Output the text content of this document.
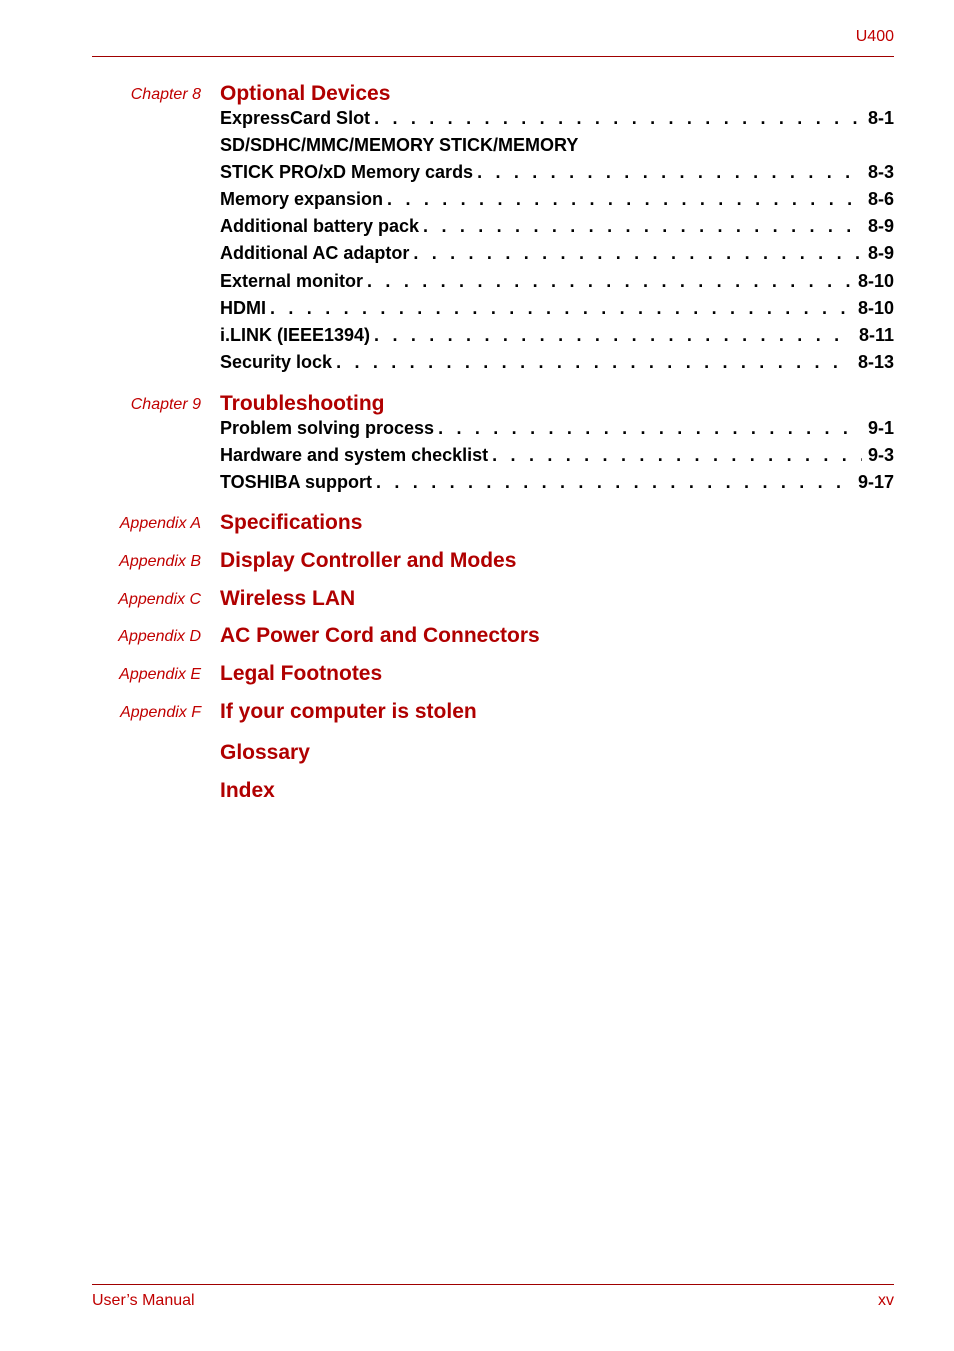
U400
Chapter 8 Optional Devices
ExpressCard Slot . . .	8-1
SD/SDHC/MMC/MEMORY STICK/MEMORY
STICK PRO/xD Memory cards . . .	8-3
Memory expansion . . .	8-6
Additional battery pack . . .	8-9
Additional AC adaptor . . .	8-9
External monitor . . .	8-10
HDMI . . .	8-10
i.LINK (IEEE1394) . . .	8-11
Security lock . . .	8-13
Chapter 9 Troubleshooting
Problem solving process . . .	9-1
Hardware and system checklist . . .	9-3
TOSHIBA support . . .	9-17
Appendix A Specifications
Appendix B Display Controller and Modes
Appendix C Wireless LAN
Appendix D AC Power Cord and Connectors
Appendix E Legal Footnotes
Appendix F If your computer is stolen
Glossary
Index
User’s Manual	xv
